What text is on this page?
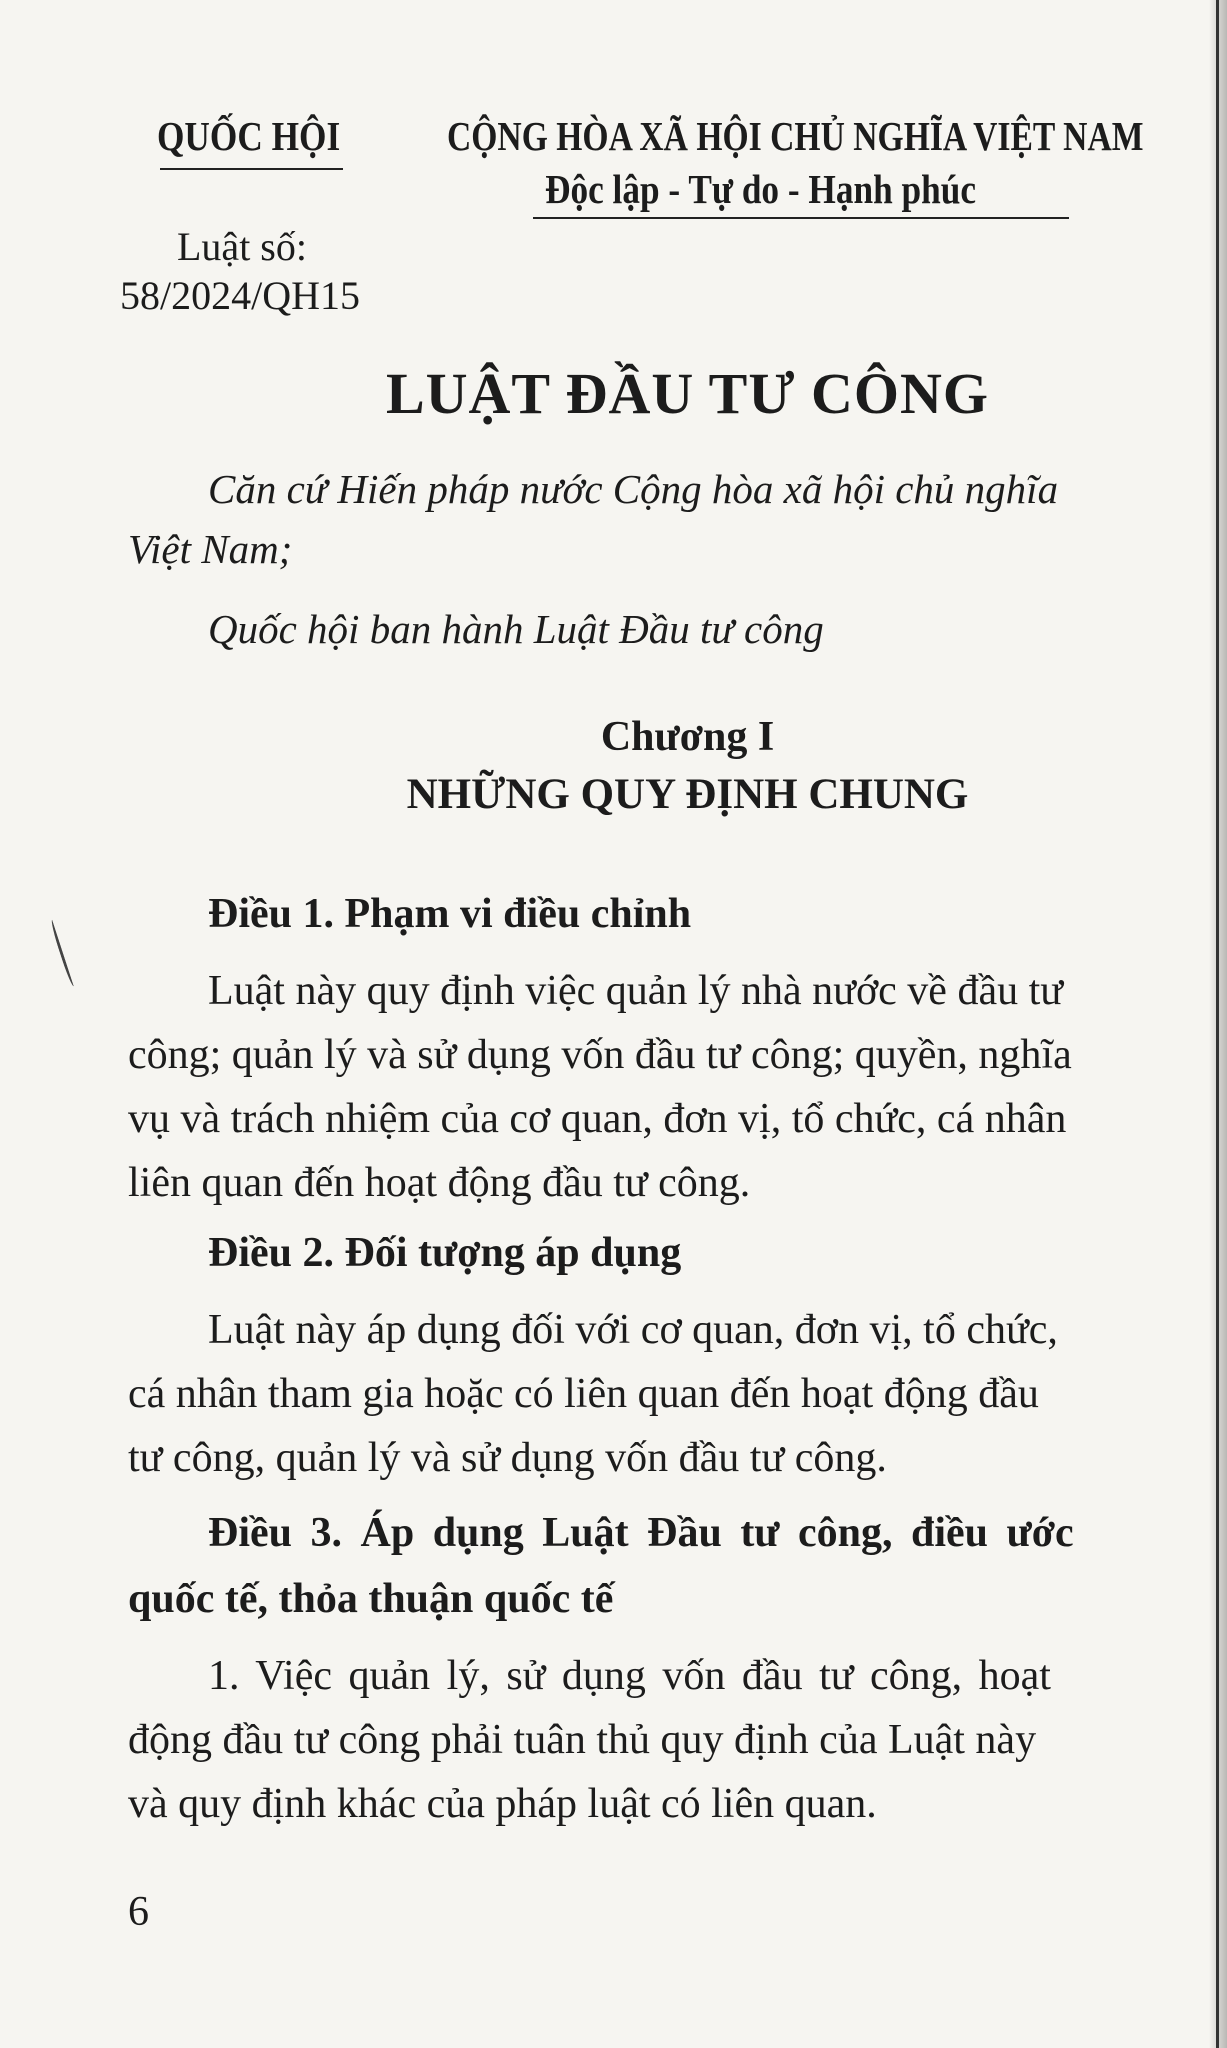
QUỐC HỘI	CỘNG HÒA XÃ HỘI CHỦ NGHĨA VIỆT NAM
Độc lập - Tự do - Hạnh phúc
Luật số:
58/2024/QH15
LUẬT ĐẦU TƯ CÔNG
Căn cứ Hiến pháp nước Cộng hòa xã hội chủ nghĩa
Việt Nam;
Quốc hội ban hành Luật Đầu tư công
Chương I
NHỮNG QUY ĐỊNH CHUNG
Điều 1. Phạm vi điều chỉnh
Luật này quy định việc quản lý nhà nước về đầu tư
công; quản lý và sử dụng vốn đầu tư công; quyền, nghĩa
vụ và trách nhiệm của cơ quan, đơn vị, tổ chức, cá nhân
liên quan đến hoạt động đầu tư công.
Điều 2. Đối tượng áp dụng
Luật này áp dụng đối với cơ quan, đơn vị, tổ chức,
cá nhân tham gia hoặc có liên quan đến hoạt động đầu
tư công, quản lý và sử dụng vốn đầu tư công.
Điều 3. Áp dụng Luật Đầu tư công, điều ước
quốc tế, thỏa thuận quốc tế
1. Việc quản lý, sử dụng vốn đầu tư công, hoạt
động đầu tư công phải tuân thủ quy định của Luật này
và quy định khác của pháp luật có liên quan.
6
